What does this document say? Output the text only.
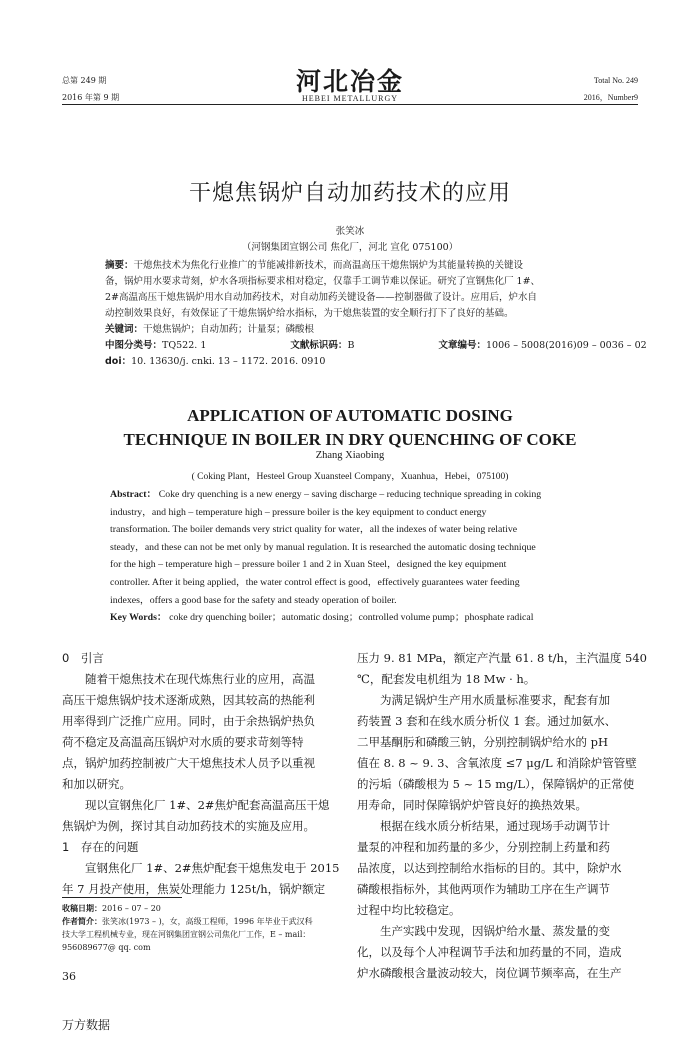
总第 249 期
2016 年第 9 期
河北冶金
HEBEI METALLURGY
Total No. 249
2016，Number9
干熄焦锅炉自动加药技术的应用
张笑冰
（河钢集团宣钢公司 焦化厂，河北 宣化 075100）
摘要：干熄焦技术为焦化行业推广的节能减排新技术，而高温高压干熄焦锅炉为其能量转换的关键设
备，锅炉用水要求苛刻，炉水各项指标要求相对稳定，仅靠手工调节难以保证。研究了宣钢焦化厂 1#、
2#高温高压干熄焦锅炉用水自动加药技术，对自动加药关键设备——控制器做了设计。应用后，炉水自
动控制效果良好，有效保证了干熄焦锅炉给水指标，为干熄焦装置的安全顺行打下了良好的基础。
关键词：干熄焦锅炉；自动加药；计量泵；磷酸根
中图分类号：TQ522. 1	文献标识码：B	文章编号：1006 – 5008(2016)09 – 0036 – 02
doi：10. 13630/j. cnki. 13 – 1172. 2016. 0910
APPLICATION OF AUTOMATIC DOSING
TECHNIQUE IN BOILER IN DRY QUENCHING OF COKE
Zhang Xiaobing
( Coking Plant，Hesteel Group Xuansteel Company，Xuanhua，Hebei，075100)
Abstract： Coke dry quenching is a new energy – saving discharge – reducing technique spreading in coking
industry，and high – temperature high – pressure boiler is the key equipment to conduct energy
transformation. The boiler demands very strict quality for water，all the indexes of water being relative
steady，and these can not be met only by manual regulation. It is researched the automatic dosing technique
for the high – temperature high – pressure boiler 1 and 2 in Xuan Steel，designed the key equipment
controller. After it being applied，the water control effect is good，effectively guarantees water feeding
indexes，offers a good base for the safety and steady operation of boiler.
Key Words： coke dry quenching boiler；automatic dosing；controlled volume pump；phosphate radical
0　引言
随着干熄焦技术在现代炼焦行业的应用，高温
高压干熄焦锅炉技术逐渐成熟，因其较高的热能利
用率得到广泛推广应用。同时，由于余热锅炉热负
荷不稳定及高温高压锅炉对水质的要求苛刻等特
点，锅炉加药控制被广大干熄焦技术人员予以重视
和加以研究。
现以宣钢焦化厂 1#、2#焦炉配套高温高压干熄
焦锅炉为例，探讨其自动加药技术的实施及应用。
1　存在的问题
宣钢焦化厂 1#、2#焦炉配套干熄焦发电于 2015
年 7 月投产使用，焦炭处理能力 125t/h，锅炉额定
收稿日期：2016 – 07 – 20
作者简介：张笑冰(1973 – )，女，高级工程师，1996 年毕业于武汉科
技大学工程机械专业，现在河钢集团宣钢公司焦化厂工作，E – mail：
956089677@ qq. com
压力 9. 81 MPa，额定产汽量 61. 8 t/h，主汽温度 540
℃，配套发电机组为 18 Mw · h。
为满足锅炉生产用水质量标准要求，配套有加
药装置 3 套和在线水质分析仪 1 套。通过加氨水、
二甲基酮肟和磷酸三钠，分别控制锅炉给水的 pH
值在 8. 8 ~ 9. 3、含氧浓度 ≤7 μg/L 和消除炉管管壁
的污垢（磷酸根为 5 ~ 15 mg/L），保障锅炉的正常使
用寿命，同时保障锅炉炉管良好的换热效果。
根据在线水质分析结果，通过现场手动调节计
量泵的冲程和加药量的多少，分别控制上药量和药
品浓度，以达到控制给水指标的目的。其中，除炉水
磷酸根指标外，其他两项作为辅助工序在生产调节
过程中均比较稳定。
生产实践中发现，因锅炉给水量、蒸发量的变
化，以及每个人冲程调节手法和加药量的不同，造成
炉水磷酸根含量波动较大，岗位调节频率高，在生产
36
万方数据
